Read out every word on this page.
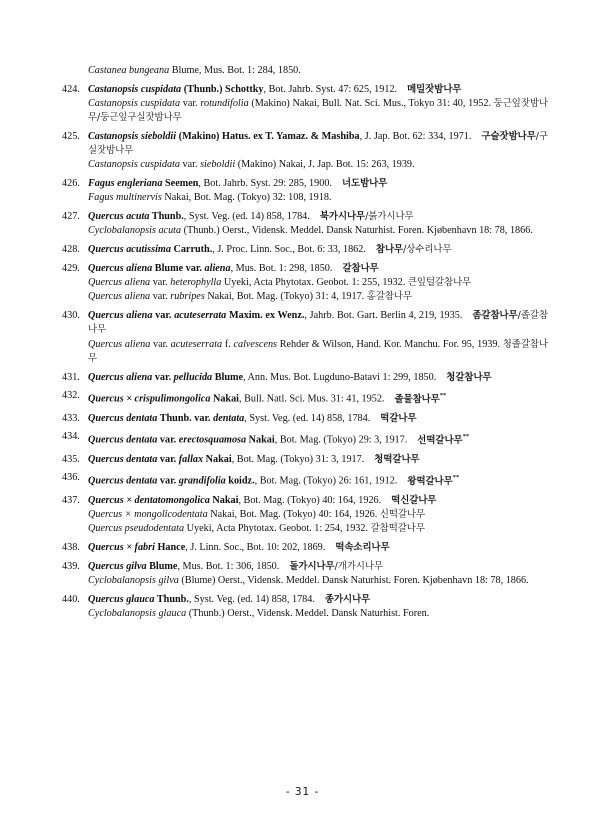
Castanea bungeana Blume, Mus. Bot. 1: 284, 1850.
424. Castanopsis cuspidata (Thunb.) Schottky, Bot. Jahrb. Syst. 47: 625, 1912. 메밀잣밤나무
Castanopsis cuspidata var. rotundifolia (Makino) Nakai, Bull. Nat. Sci. Mus., Tokyo 31: 40, 1952. 둥근잎잣밤나무/둥근잎구실잣밤나무
425. Castanopsis sieboldii (Makino) Hatus. ex T. Yamaz. & Mashiba, J. Jap. Bot. 62: 334, 1971. 구슬잣밤나무/구실잣밤나무
Castanopsis cuspidata var. sieboldii (Makino) Nakai, J. Jap. Bot. 15: 263, 1939.
426. Fagus engleriana Seemen, Bot. Jahrb. Syst. 29: 285, 1900. 너도밤나무
Fagus multinervis Nakai, Bot. Mag. (Tokyo) 32: 108, 1918.
427. Quercus acuta Thunb., Syst. Veg. (ed. 14) 858, 1784. 북가시나무/붉가시나무
Cyclobalanopsis acuta (Thunb.) Oerst., Vidensk. Meddel. Dansk Naturhist. Foren. Kjøbenhavn 18: 78, 1866.
428. Quercus acutissima Carruth., J. Proc. Linn. Soc., Bot. 6: 33, 1862. 참나무/상수리나무
429. Quercus aliena Blume var. aliena, Mus. Bot. 1: 298, 1850. 갈참나무
Quercus aliena var. heterophylla Uyeki, Acta Phytotax. Geobot. 1: 255, 1932. 큰잎털갈참나무
Quercus aliena var. rubripes Nakai, Bot. Mag. (Tokyo) 31: 4, 1917. 홍갈참나무
430. Quercus aliena var. acuteserrata Maxim. ex Wenz., Jahrb. Bot. Gart. Berlin 4, 219, 1935. 좀갈참나무/졸갈참나무
Quercus aliena var. acuteserrata f. calvescens Rehder & Wilson, Hand. Kor. Manchu. For. 95, 1939. 청졸갈참나무
431. Quercus aliena var. pellucida Blume, Ann. Mus. Bot. Lugduno-Batavi 1: 299, 1850. 청갈참나무
432. Quercus × crispulimongolica Nakai, Bull. Natl. Sci. Mus. 31: 41, 1952. 졸물참나무**
433. Quercus dentata Thunb. var. dentata, Syst. Veg. (ed. 14) 858, 1784. 떡갈나무
434. Quercus dentata var. erectosquamosa Nakai, Bot. Mag. (Tokyo) 29: 3, 1917. 선떡갈나무**
435. Quercus dentata var. fallax Nakai, Bot. Mag. (Tokyo) 31: 3, 1917. 청떡갈나무
436. Quercus dentata var. grandifolia koidz., Bot. Mag. (Tokyo) 26: 161, 1912. 왕떡갈나무**
437. Quercus × dentatomongolica Nakai, Bot. Mag. (Tokyo) 40: 164, 1926. 떡신갈나무
Quercus × mongolicodentata Nakai, Bot. Mag. (Tokyo) 40: 164, 1926. 신떡갈나무
Quercus pseudodentata Uyeki, Acta Phytotax. Geobot. 1: 254, 1932. 갈참떡갈나무
438. Quercus × fabri Hance, J. Linn. Soc., Bot. 10: 202, 1869. 떡속소리나무
439. Quercus gilva Blume, Mus. Bot. 1: 306, 1850. 돌가시나무/개가시나무
Cyclobalanopsis gilva (Blume) Oerst., Vidensk. Meddel. Dansk Naturhist. Foren. Kjøbenhavn 18: 78, 1866.
440. Quercus glauca Thunb., Syst. Veg. (ed. 14) 858, 1784. 종가시나무
Cyclobalanopsis glauca (Thunb.) Oerst., Vidensk. Meddel. Dansk Naturhist. Foren.
- 31 -
